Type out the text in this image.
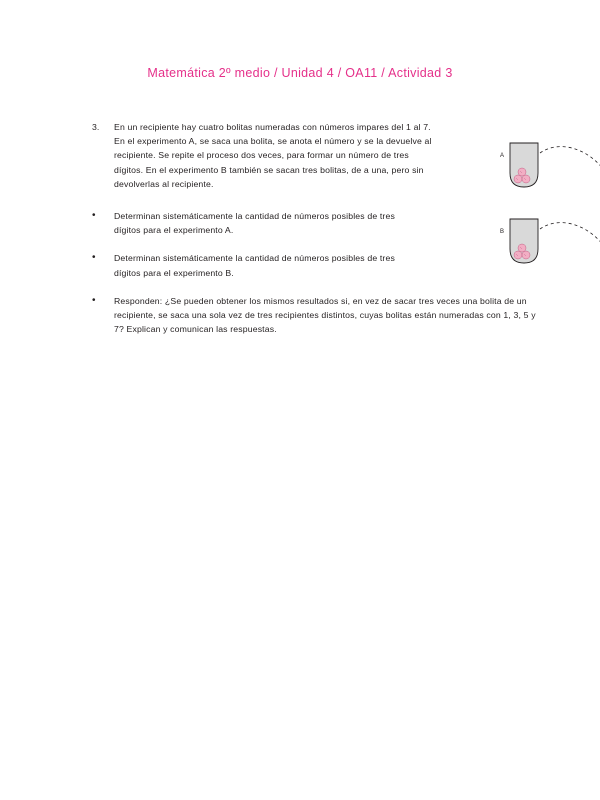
Matemática 2º medio / Unidad 4 / OA11 / Actividad 3
3.	En un recipiente hay cuatro bolitas numeradas con números impares del 1 al 7. En el experimento A, se saca una bolita, se anota el número y se la devuelve al recipiente. Se repite el proceso dos veces, para formar un número de tres dígitos. En el experimento B también se sacan tres bolitas, de a una, pero sin devolverlas al recipiente.
A
B
•	Determinan sistemáticamente la cantidad de números posibles de tres dígitos para el experimento A.
•	Determinan sistemáticamente la cantidad de números posibles de tres dígitos para el experimento B.
•	Responden: ¿Se pueden obtener los mismos resultados si, en vez de sacar tres veces una bolita de un recipiente, se saca una sola vez de tres recipientes distintos, cuyas bolitas están numeradas con 1, 3, 5 y 7? Explican y comunican las respuestas.
